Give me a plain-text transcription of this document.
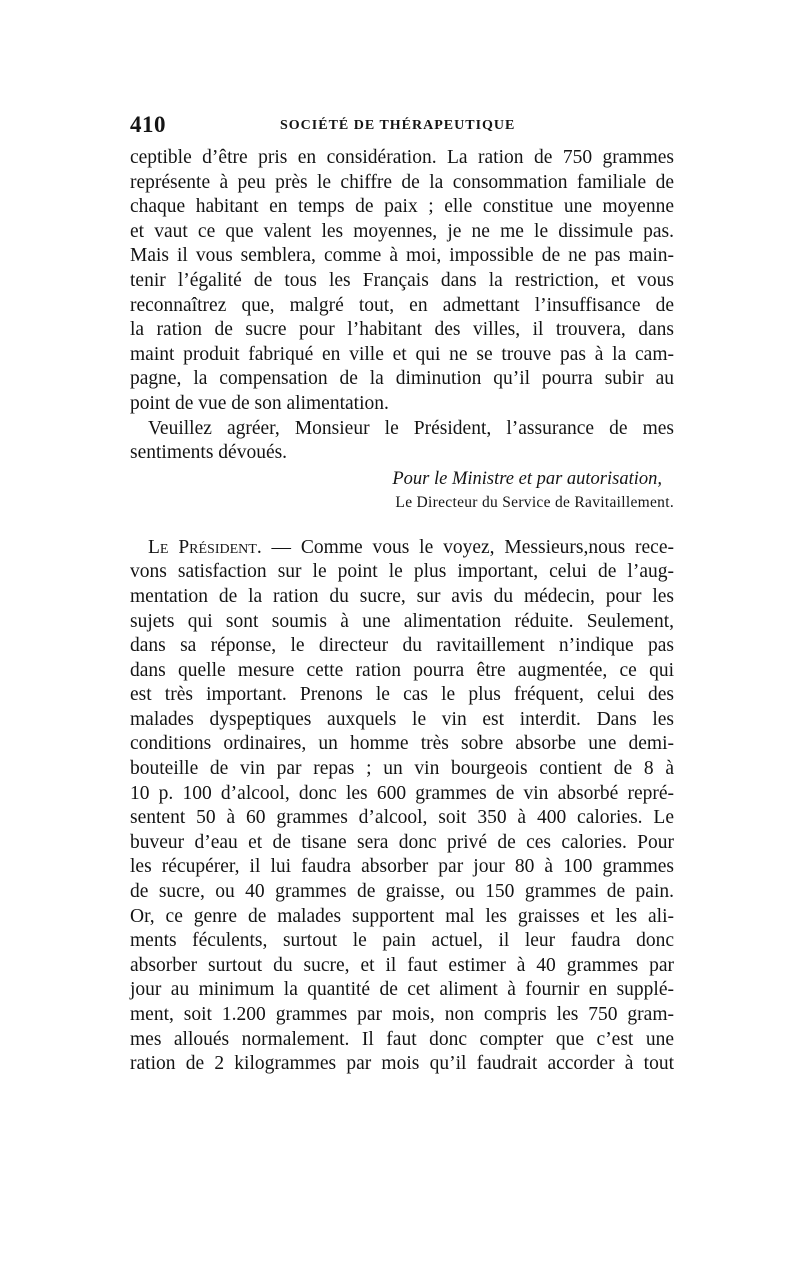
410	SOCIÉTÉ DE THÉRAPEUTIQUE
ceptible d’être pris en considération. La ration de 750 grammes
représente à peu près le chiffre de la consommation familiale de
chaque habitant en temps de paix ; elle constitue une moyenne
et vaut ce que valent les moyennes, je ne me le dissimule pas.
Mais il vous semblera, comme à moi, impossible de ne pas main-
tenir l’égalité de tous les Français dans la restriction, et vous
reconnaîtrez que, malgré tout, en admettant l’insuffisance de
la ration de sucre pour l’habitant des villes, il trouvera, dans
maint produit fabriqué en ville et qui ne se trouve pas à la cam-
pagne, la compensation de la diminution qu’il pourra subir au
point de vue de son alimentation.
Veuillez agréer, Monsieur le Président, l’assurance de mes
sentiments dévoués.
Pour le Ministre et par autorisation,
Le Directeur du Service de Ravitaillement.
Le Président. — Comme vous le voyez, Messieurs,nous rece-
vons satisfaction sur le point le plus important, celui de l’aug-
mentation de la ration du sucre, sur avis du médecin, pour les
sujets qui sont soumis à une alimentation réduite. Seulement,
dans sa réponse, le directeur du ravitaillement n’indique pas
dans quelle mesure cette ration pourra être augmentée, ce qui
est très important. Prenons le cas le plus fréquent, celui des
malades dyspeptiques auxquels le vin est interdit. Dans les
conditions ordinaires, un homme très sobre absorbe une demi-
bouteille de vin par repas ; un vin bourgeois contient de 8 à
10 p. 100 d’alcool, donc les 600 grammes de vin absorbé repré-
sentent 50 à 60 grammes d’alcool, soit 350 à 400 calories. Le
buveur d’eau et de tisane sera donc privé de ces calories. Pour
les récupérer, il lui faudra absorber par jour 80 à 100 grammes
de sucre, ou 40 grammes de graisse, ou 150 grammes de pain.
Or, ce genre de malades supportent mal les graisses et les ali-
ments féculents, surtout le pain actuel, il leur faudra donc
absorber surtout du sucre, et il faut estimer à 40 grammes par
jour au minimum la quantité de cet aliment à fournir en supplé-
ment, soit 1.200 grammes par mois, non compris les 750 gram-
mes alloués normalement. Il faut donc compter que c’est une
ration de 2 kilogrammes par mois qu’il faudrait accorder à tout
